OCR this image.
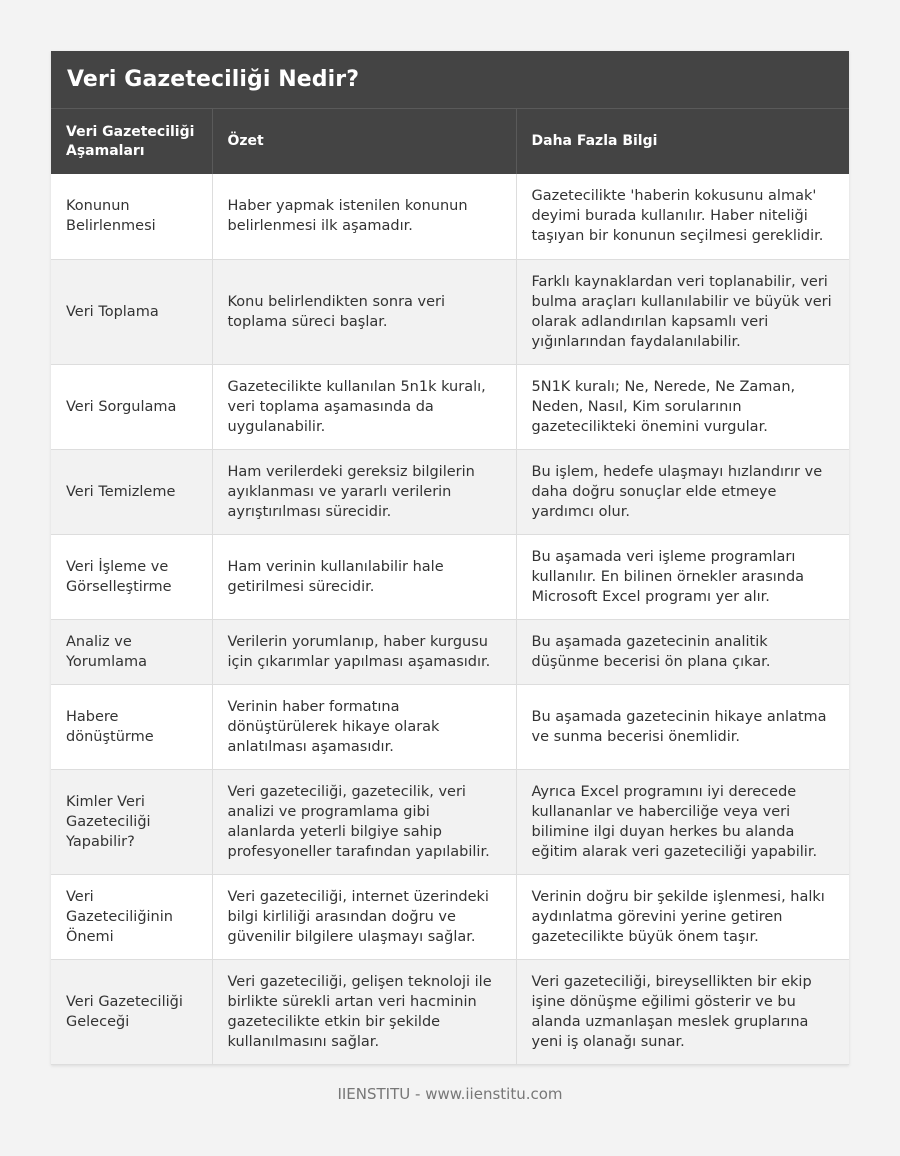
Veri Gazeteciliği Nedir?
Veri Gazeteciliği Aşamaları	Özet	Daha Fazla Bilgi
Konunun Belirlenmesi	Haber yapmak istenilen konunun belirlenmesi ilk aşamadır.	Gazetecilikte 'haberin kokusunu almak' deyimi burada kullanılır. Haber niteliği taşıyan bir konunun seçilmesi gereklidir.
Veri Toplama	Konu belirlendikten sonra veri toplama süreci başlar.	Farklı kaynaklardan veri toplanabilir, veri bulma araçları kullanılabilir ve büyük veri olarak adlandırılan kapsamlı veri yığınlarından faydalanılabilir.
Veri Sorgulama	Gazetecilikte kullanılan 5n1k kuralı, veri toplama aşamasında da uygulanabilir.	5N1K kuralı; Ne, Nerede, Ne Zaman, Neden, Nasıl, Kim sorularının gazetecilikteki önemini vurgular.
Veri Temizleme	Ham verilerdeki gereksiz bilgilerin ayıklanması ve yararlı verilerin ayrıştırılması sürecidir.	Bu işlem, hedefe ulaşmayı hızlandırır ve daha doğru sonuçlar elde etmeye yardımcı olur.
Veri İşleme ve Görselleştirme	Ham verinin kullanılabilir hale getirilmesi sürecidir.	Bu aşamada veri işleme programları kullanılır. En bilinen örnekler arasında Microsoft Excel programı yer alır.
Analiz ve Yorumlama	Verilerin yorumlanıp, haber kurgusu için çıkarımlar yapılması aşamasıdır.	Bu aşamada gazetecinin analitik düşünme becerisi ön plana çıkar.
Habere dönüştürme	Verinin haber formatına dönüştürülerek hikaye olarak anlatılması aşamasıdır.	Bu aşamada gazetecinin hikaye anlatma ve sunma becerisi önemlidir.
Kimler Veri Gazeteciliği Yapabilir?	Veri gazeteciliği, gazetecilik, veri analizi ve programlama gibi alanlarda yeterli bilgiye sahip profesyoneller tarafından yapılabilir.	Ayrıca Excel programını iyi derecede kullananlar ve haberciliğe veya veri bilimine ilgi duyan herkes bu alanda eğitim alarak veri gazeteciliği yapabilir.
Veri Gazeteciliğinin Önemi	Veri gazeteciliği, internet üzerindeki bilgi kirliliği arasından doğru ve güvenilir bilgilere ulaşmayı sağlar.	Verinin doğru bir şekilde işlenmesi, halkı aydınlatma görevini yerine getiren gazetecilikte büyük önem taşır.
Veri Gazeteciliği Geleceği	Veri gazeteciliği, gelişen teknoloji ile birlikte sürekli artan veri hacminin gazetecilikte etkin bir şekilde kullanılmasını sağlar.	Veri gazeteciliği, bireysellikten bir ekip işine dönüşme eğilimi gösterir ve bu alanda uzmanlaşan meslek gruplarına yeni iş olanağı sunar.
IIENSTITU - www.iienstitu.com
